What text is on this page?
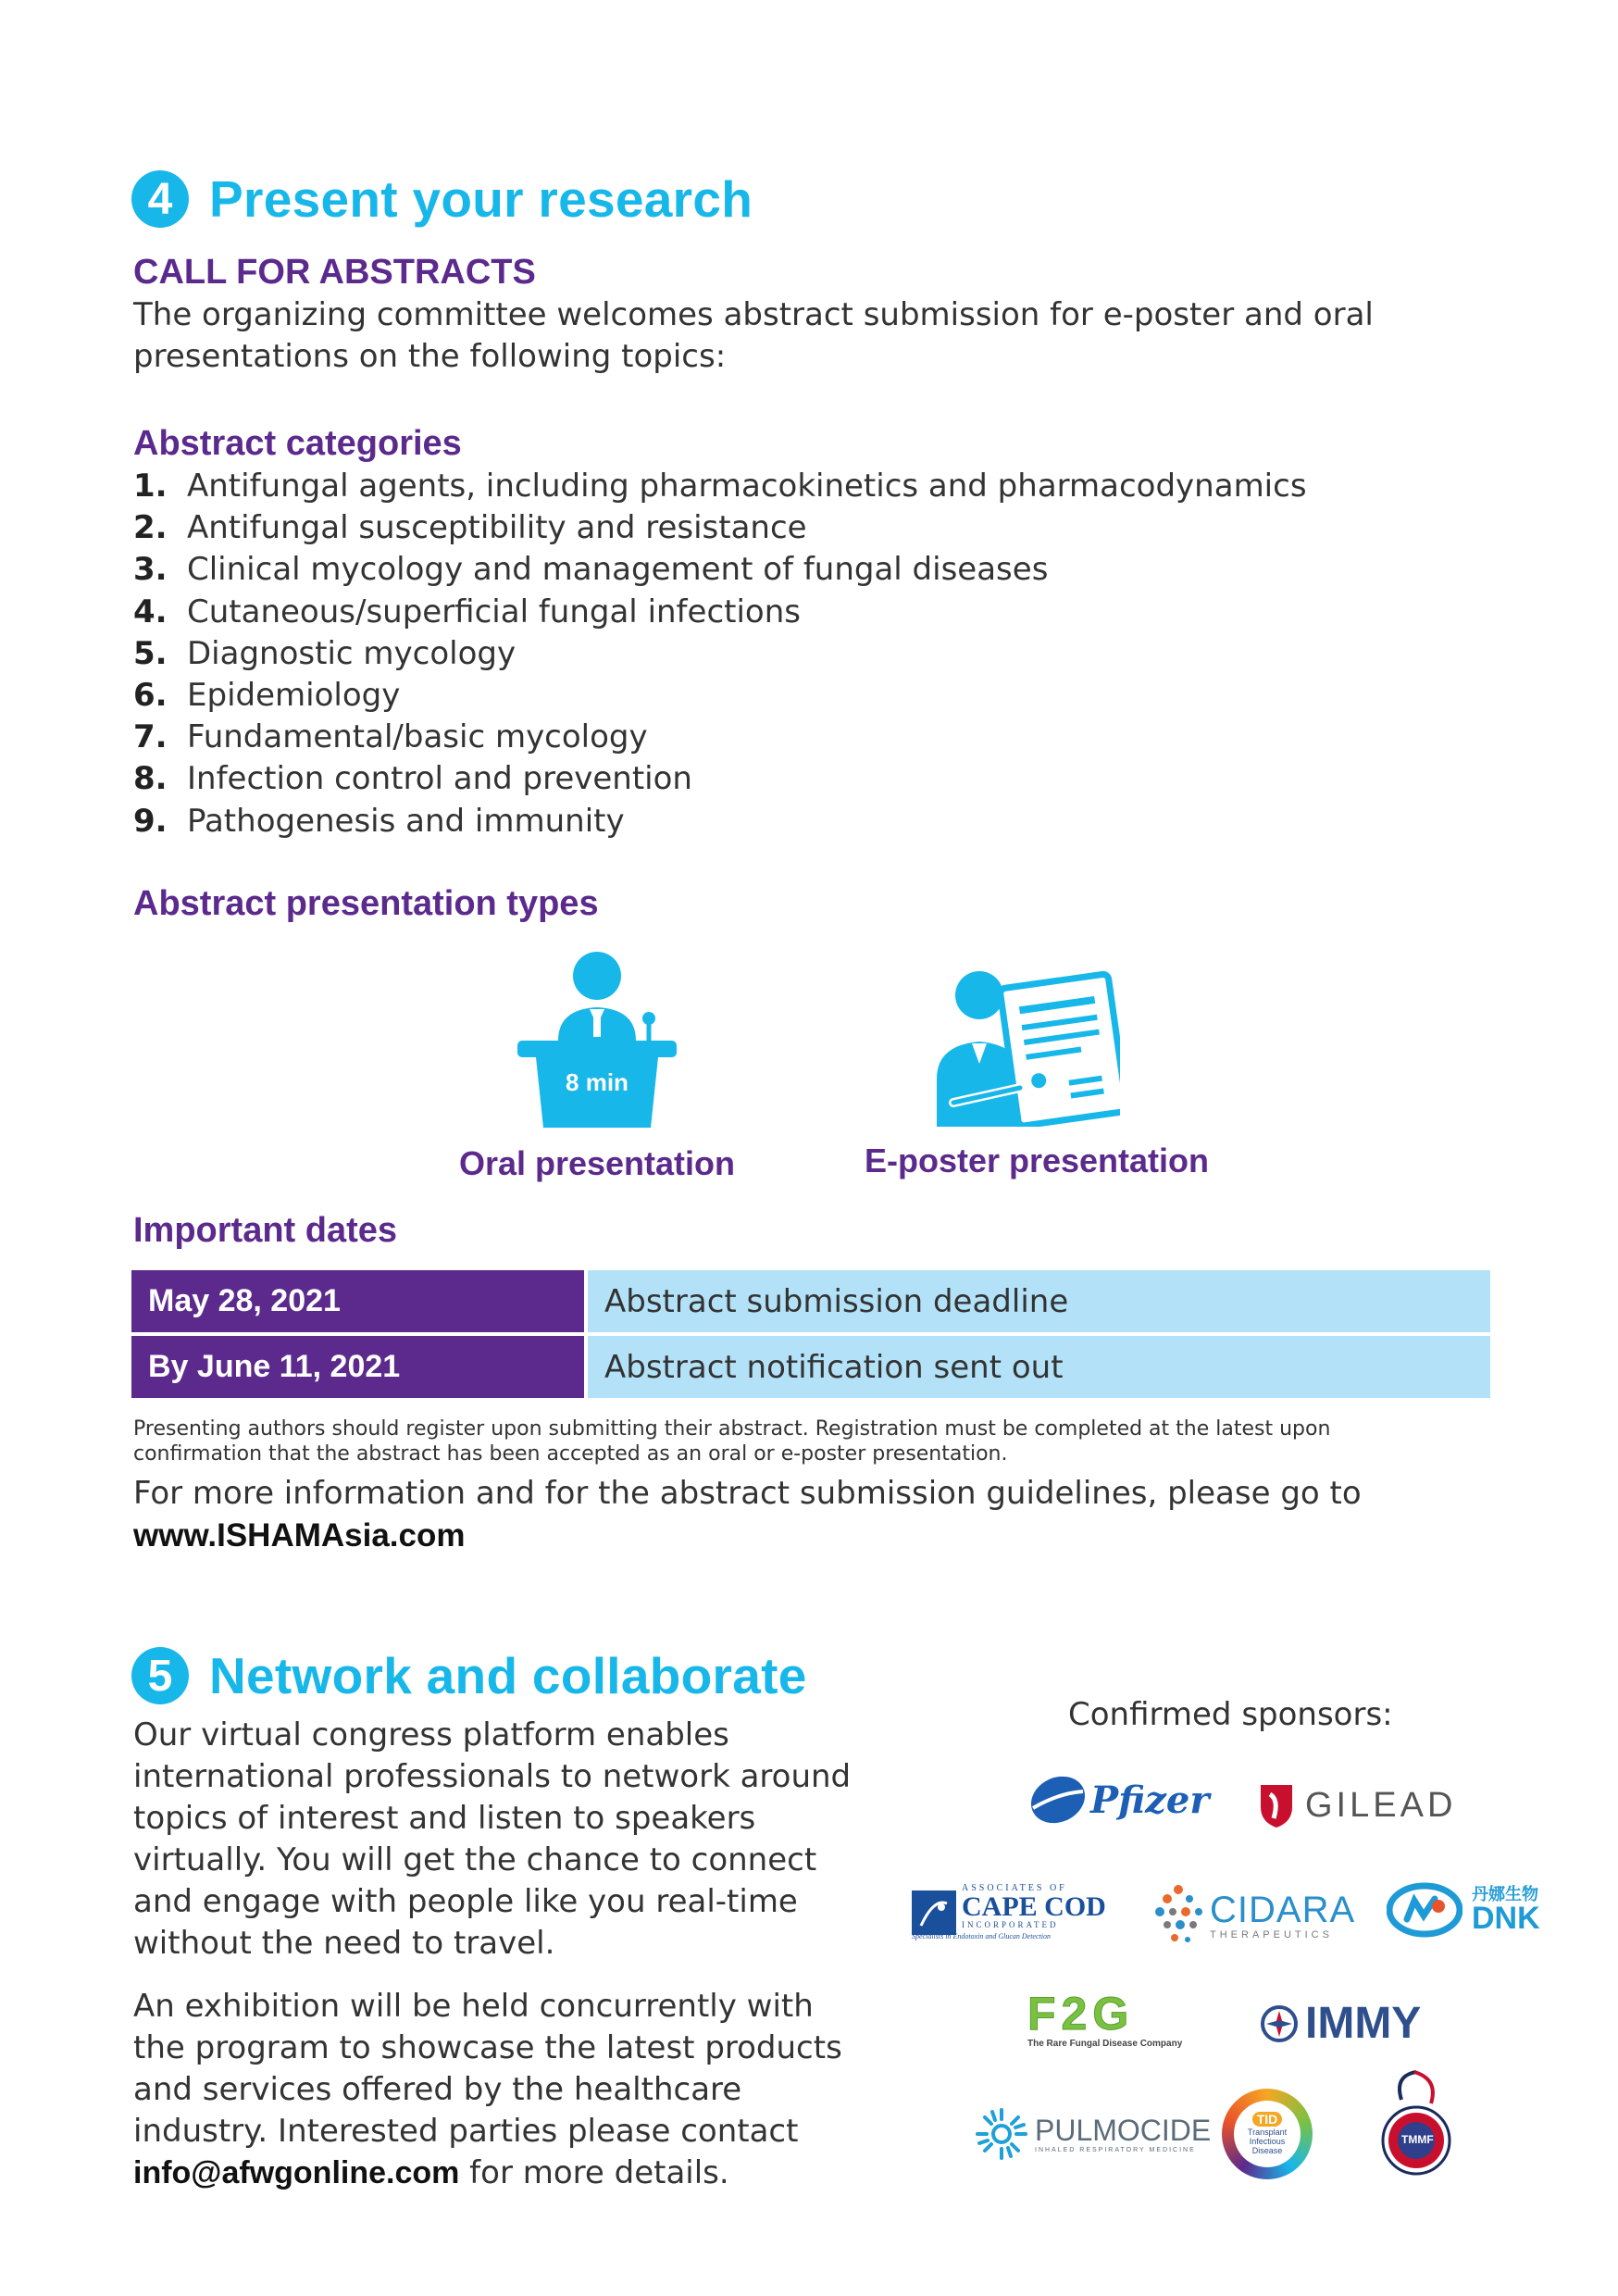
4 Present your research
CALL FOR ABSTRACTS
The organizing committee welcomes abstract submission for e-poster and oral
presentations on the following topics:
Abstract categories
1. Antifungal agents, including pharmacokinetics and pharmacodynamics
2. Antifungal susceptibility and resistance
3. Clinical mycology and management of fungal diseases
4. Cutaneous/superficial fungal infections
5. Diagnostic mycology
6. Epidemiology
7. Fundamental/basic mycology
8. Infection control and prevention
9. Pathogenesis and immunity
Abstract presentation types
8 min
Oral presentation	E-poster presentation
Important dates
May 28, 2021	Abstract submission deadline
By June 11, 2021	Abstract notification sent out
Presenting authors should register upon submitting their abstract. Registration must be completed at the latest upon
confirmation that the abstract has been accepted as an oral or e-poster presentation.
For more information and for the abstract submission guidelines, please go to
www.ISHAMAsia.com
5 Network and collaborate
Our virtual congress platform enables
international professionals to network around
topics of interest and listen to speakers
virtually. You will get the chance to connect
and engage with people like you real-time
without the need to travel.
An exhibition will be held concurrently with
the program to showcase the latest products
and services offered by the healthcare
industry. Interested parties please contact
info@afwgonline.com for more details.
Confirmed sponsors:
Pfizer	GILEAD
ASSOCIATES OF
CAPE COD
INCORPORATED
Specialists in Endotoxin and Glucan Detection
CIDARA
THERAPEUTICS
丹娜生物
DNK
F2G
The Rare Fungal Disease Company	IMMY
PULMOCIDE
INHALED RESPIRATORY MEDICINE
TID
Transplant Infectious Disease
TMMF
